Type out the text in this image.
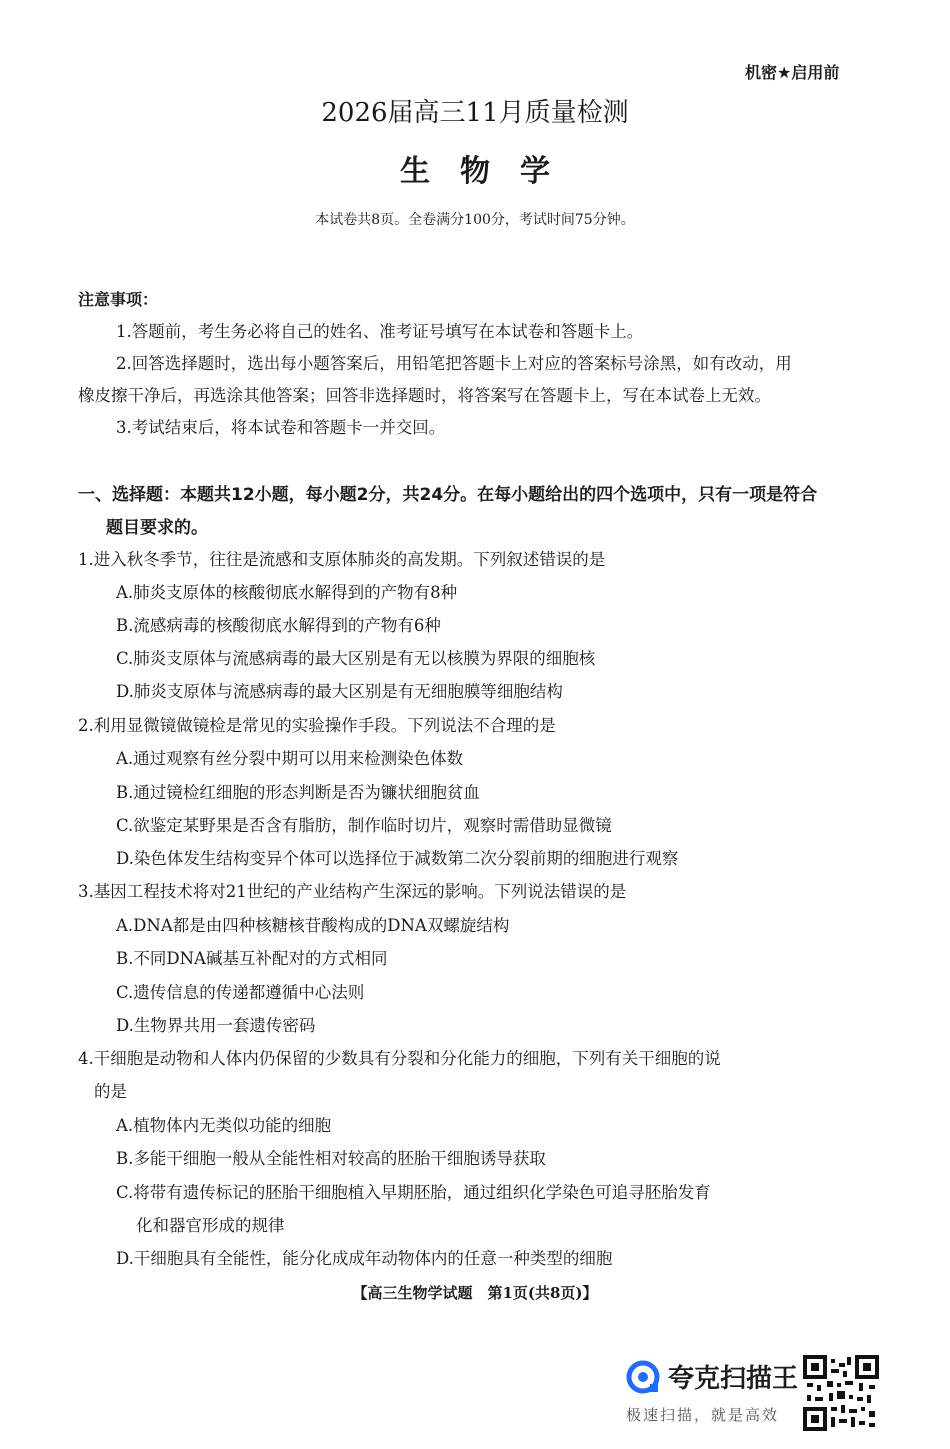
机密★启用前
2026届高三11月质量检测
生物学
本试卷共8页。全卷满分100分，考试时间75分钟。
注意事项：
1.答题前，考生务必将自己的姓名、准考证号填写在本试卷和答题卡上。
2.回答选择题时，选出每小题答案后，用铅笔把答题卡上对应的答案标号涂黑，如有改动，用
橡皮擦干净后，再选涂其他答案；回答非选择题时，将答案写在答题卡上，写在本试卷上无效。
3.考试结束后，将本试卷和答题卡一并交回。
一、选择题：本题共12小题，每小题2分，共24分。在每小题给出的四个选项中，只有一项是符合
题目要求的。
1.进入秋冬季节，往往是流感和支原体肺炎的高发期。下列叙述错误的是
A.肺炎支原体的核酸彻底水解得到的产物有8种
B.流感病毒的核酸彻底水解得到的产物有6种
C.肺炎支原体与流感病毒的最大区别是有无以核膜为界限的细胞核
D.肺炎支原体与流感病毒的最大区别是有无细胞膜等细胞结构
2.利用显微镜做镜检是常见的实验操作手段。下列说法不合理的是
A.通过观察有丝分裂中期可以用来检测染色体数
B.通过镜检红细胞的形态判断是否为镰状细胞贫血
C.欲鉴定某野果是否含有脂肪，制作临时切片，观察时需借助显微镜
D.染色体发生结构变异个体可以选择位于减数第二次分裂前期的细胞进行观察
3.基因工程技术将对21世纪的产业结构产生深远的影响。下列说法错误的是
A.DNA都是由四种核糖核苷酸构成的DNA双螺旋结构
B.不同DNA碱基互补配对的方式相同
C.遗传信息的传递都遵循中心法则
D.生物界共用一套遗传密码
4.干细胞是动物和人体内仍保留的少数具有分裂和分化能力的细胞，下列有关干细胞的说
的是
A.植物体内无类似功能的细胞
B.多能干细胞一般从全能性相对较高的胚胎干细胞诱导获取
C.将带有遗传标记的胚胎干细胞植入早期胚胎，通过组织化学染色可追寻胚胎发育
化和器官形成的规律
D.干细胞具有全能性，能分化成成年动物体内的任意一种类型的细胞
【高三生物学试题　第1页(共8页)】
夸克扫描王
极速扫描，就是高效
